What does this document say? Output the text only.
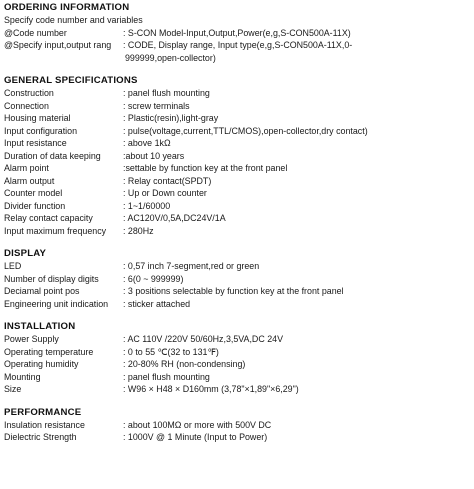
ORDERING INFORMATION
Specify code number and variables
@Code number	: S-CON Model-Input,Output,Power(e,g,S-CON500A-11X)
@Specify input,output rang : CODE, Display range, Input type(e,g,S-CON500A-11X,0-
999999,open-collector)
GENERAL SPECIFICATIONS
Construction	: panel flush mounting
Connection	: screw terminals
Housing material	: Plastic(resin),light-gray
Input configuration	: pulse(voltage,current,TTL/CMOS),open-collector,dry contact)
Input resistance	: above 1kΩ
Duration of data keeping	:about 10 years
Alarm point	:settable by function key at the front panel
Alarm output	: Relay contact(SPDT)
Counter model	: Up or Down counter
Divider function	: 1~1/60000
Relay contact capacity	: AC120V/0,5A,DC24V/1A
Input maximum frequency : 280Hz
DISPLAY
LED	: 0,57 inch 7-segment,red or green
Number of display digits	: 6(0 ~ 999999)
Deciamal point pos	: 3 positions selectable by function key at the front panel
Engineering unit indication : sticker attached
INSTALLATION
Power Supply	: AC 110V /220V 50/60Hz,3,5VA,DC 24V
Operating temperature	: 0 to 55 ℃(32 to 131℉)
Operating humidity	: 20-80% RH (non-condensing)
Mounting	: panel flush mounting
Size	: W96 × H48 × D160mm (3,78"×1,89"×6,29")
PERFORMANCE
Insulation resistance	: about 100MΩ or more with 500V DC
Dielectric Strength	: 1000V @ 1 Minute (Input to Power)
